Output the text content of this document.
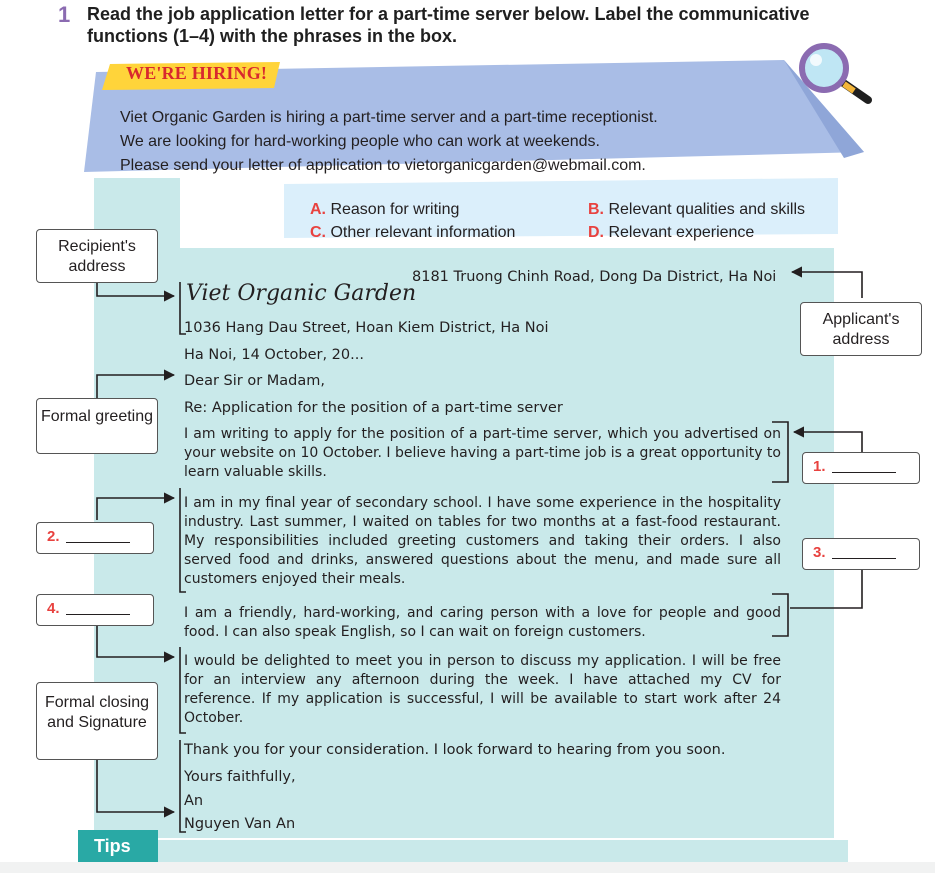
1 Read the job application letter for a part-time server below. Label the communicative functions (1–4) with the phrases in the box.
WE'RE HIRING!
Viet Organic Garden is hiring a part-time server and a part-time receptionist.
We are looking for hard-working people who can work at weekends.
Please send your letter of application to vietorganicgarden@webmail.com.
A. Reason for writing	B. Relevant qualities and skills
C. Other relevant information	D. Relevant experience
8181 Truong Chinh Road, Dong Da District, Ha Noi
Viet Organic Garden
1036 Hang Dau Street, Hoan Kiem District, Ha Noi
Ha Noi, 14 October, 20...
Dear Sir or Madam,
Re: Application for the position of a part-time server
I am writing to apply for the position of a part-time server, which you advertised on your website on 10 October. I believe having a part-time job is a great opportunity to learn valuable skills.
I am in my final year of secondary school. I have some experience in the hospitality industry. Last summer, I waited on tables for two months at a fast-food restaurant. My responsibilities included greeting customers and taking their orders. I also served food and drinks, answered questions about the menu, and made sure all customers enjoyed their meals.
I am a friendly, hard-working, and caring person with a love for people and good food. I can also speak English, so I can wait on foreign customers.
I would be delighted to meet you in person to discuss my application. I will be free for an interview any afternoon during the week. I have attached my CV for reference. If my application is successful, I will be available to start work after 24 October.
Thank you for your consideration. I look forward to hearing from you soon.
Yours faithfully,
An
Nguyen Van An
Recipient's address
Applicant's address
Formal greeting
Formal closing and Signature
1.
2.
3.
4.
Tips
